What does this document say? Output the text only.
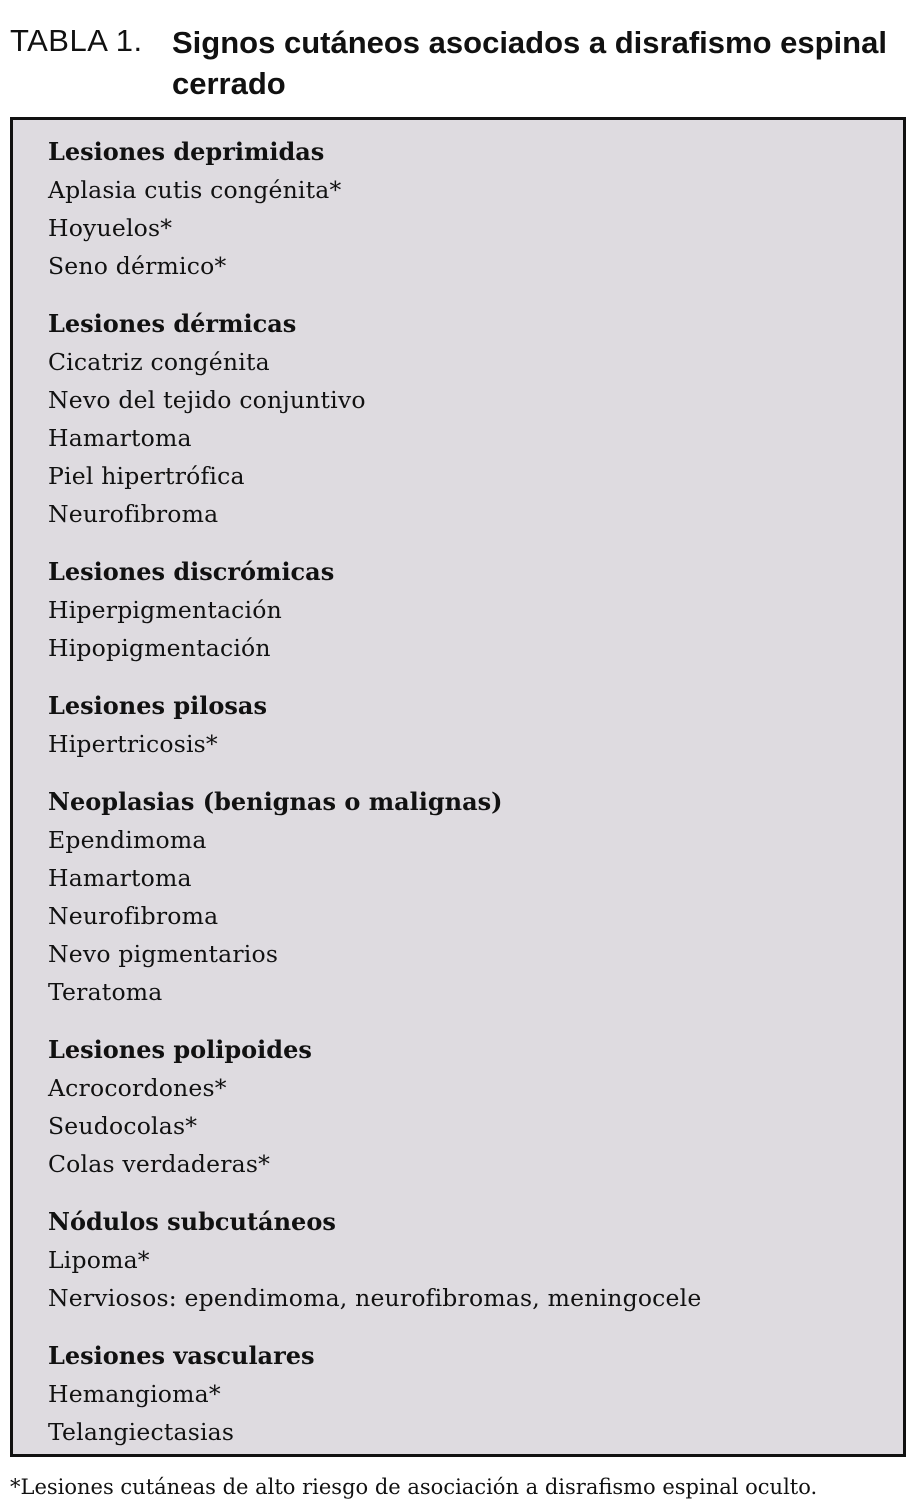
TABLA 1. Signos cutáneos asociados a disrafismo espinal cerrado
Lesiones deprimidas
Aplasia cutis congénita*
Hoyuelos*
Seno dérmico*
Lesiones dérmicas
Cicatriz congénita
Nevo del tejido conjuntivo
Hamartoma
Piel hipertrófica
Neurofibroma
Lesiones discrómicas
Hiperpigmentación
Hipopigmentación
Lesiones pilosas
Hipertricosis*
Neoplasias (benignas o malignas)
Ependimoma
Hamartoma
Neurofibroma
Nevo pigmentarios
Teratoma
Lesiones polipoides
Acrocordones*
Seudocolas*
Colas verdaderas*
Nódulos subcutáneos
Lipoma*
Nerviosos: ependimoma, neurofibromas, meningocele
Lesiones vasculares
Hemangioma*
Telangiectasias
*Lesiones cutáneas de alto riesgo de asociación a disrafismo espinal oculto.
